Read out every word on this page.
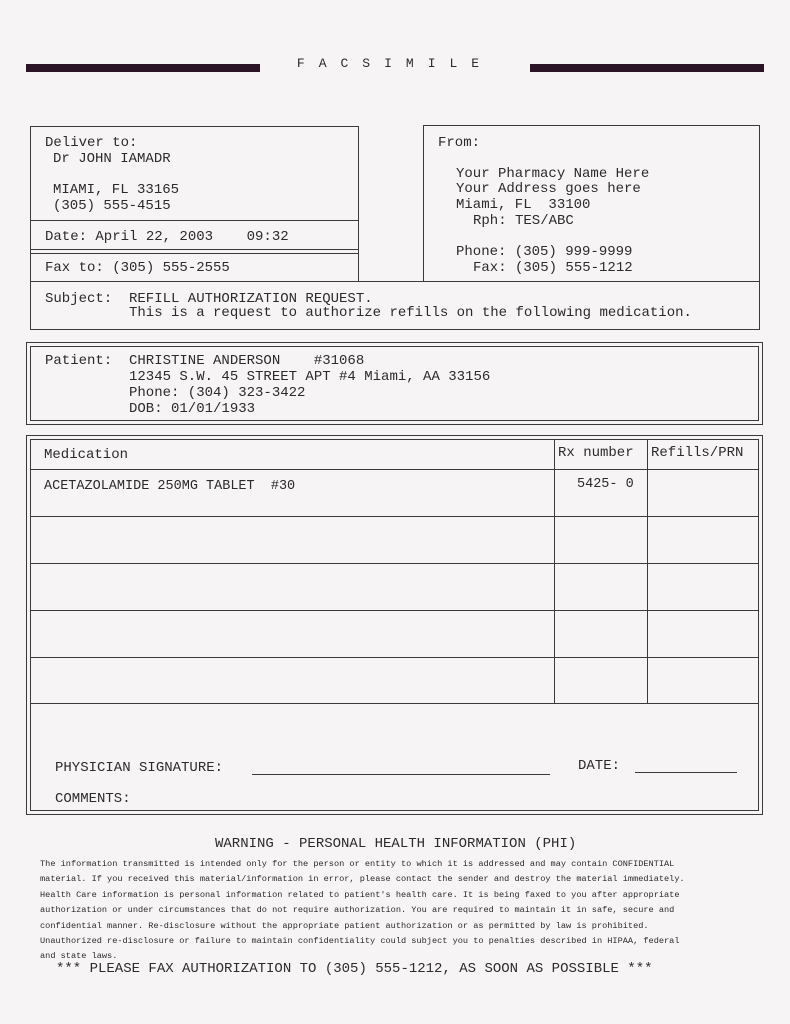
FACSIMILE
Deliver to:
Dr JOHN IAMADR
MIAMI, FL 33165
(305) 555-4515
Date: April 22, 2003    09:32
Fax to: (305) 555-2555
From:
Your Pharmacy Name Here
Your Address goes here
Miami, FL  33100
Rph: TES/ABC
Phone: (305) 999-9999
Fax: (305) 555-1212
Subject: REFILL AUTHORIZATION REQUEST.
This is a request to authorize refills on the following medication.
Patient: CHRISTINE ANDERSON    #31068
12345 S.W. 45 STREET APT #4 Miami, AA 33156
Phone: (304) 323-3422
DOB: 01/01/1933
Medication	Rx number Refills/PRN
ACETAZOLAMIDE 250MG TABLET  #30	5425- 0
PHYSICIAN SIGNATURE:	DATE:
COMMENTS:
WARNING - PERSONAL HEALTH INFORMATION (PHI)

The information transmitted is intended only for the person or entity to which it is addressed and may contain CONFIDENTIAL

material. If you received this material/information in error, please contact the sender and destroy the material immediately.

Health Care information is personal information related to patient's health care. It is being faxed to you after appropriate

authorization or under circumstances that do not require authorization. You are required to maintain it in safe, secure and

confidential manner. Re-disclosure without the appropriate patient authorization or as permitted by law is prohibited.

Unauthorized re-disclosure or failure to maintain confidentiality could subject you to penalties described in HIPAA, federal

and state laws.

*** PLEASE FAX AUTHORIZATION TO (305) 555-1212, AS SOON AS POSSIBLE ***
